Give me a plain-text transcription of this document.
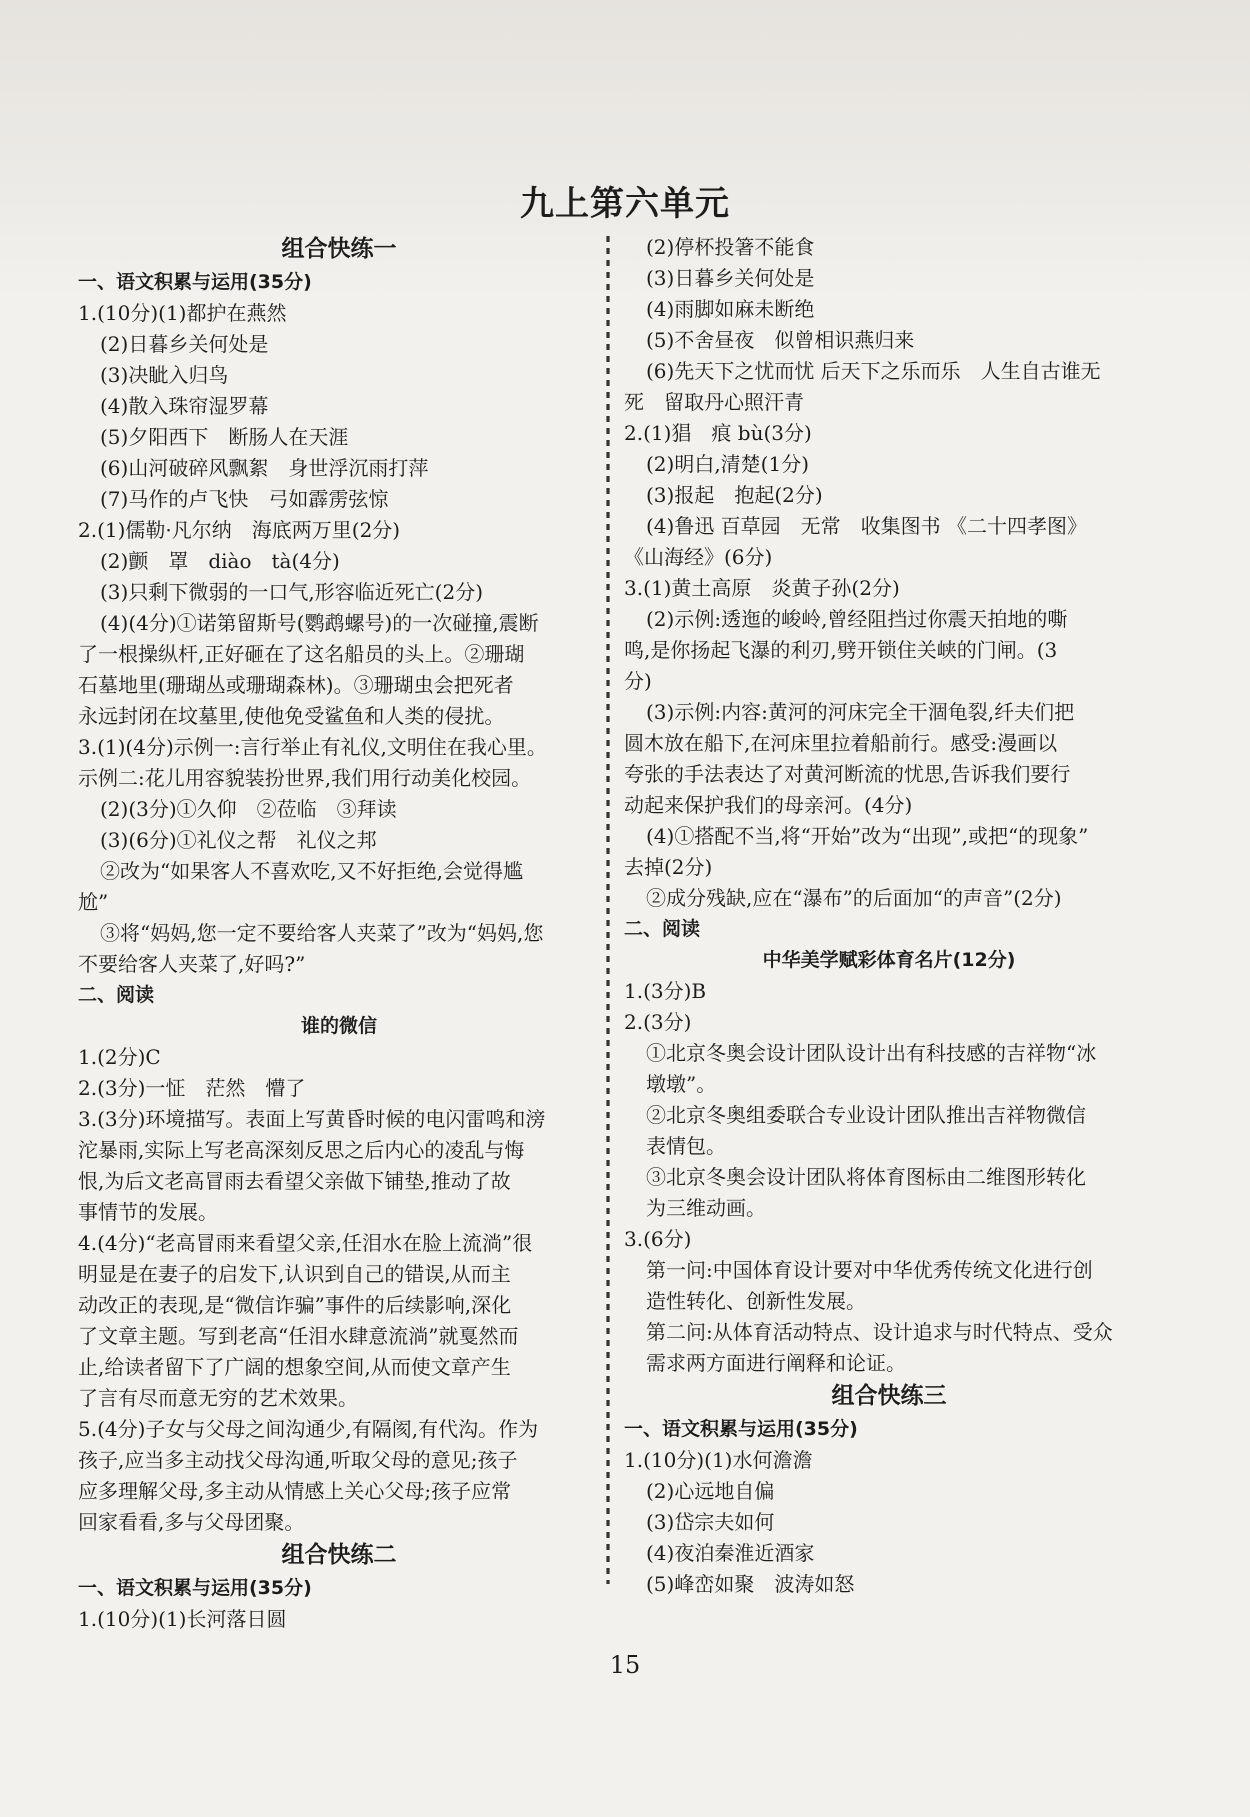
九上第六单元
组合快练一
一、语文积累与运用(35分)
1.(10分)(1)都护在燕然
(2)日暮乡关何处是
(3)决眦入归鸟
(4)散入珠帘湿罗幕
(5)夕阳西下　断肠人在天涯
(6)山河破碎风飘絮　身世浮沉雨打萍
(7)马作的卢飞快　弓如霹雳弦惊
2.(1)儒勒·凡尔纳　海底两万里(2分)
(2)颤　罩　diào　tà(4分)
(3)只剩下微弱的一口气,形容临近死亡(2分)
(4)(4分)①诺第留斯号(鹦鹉螺号)的一次碰撞,震断
了一根操纵杆,正好砸在了这名船员的头上。②珊瑚
石墓地里(珊瑚丛或珊瑚森林)。③珊瑚虫会把死者
永远封闭在坟墓里,使他免受鲨鱼和人类的侵扰。
3.(1)(4分)示例一:言行举止有礼仪,文明住在我心里。
示例二:花儿用容貌装扮世界,我们用行动美化校园。
(2)(3分)①久仰　②莅临　③拜读
(3)(6分)①礼仪之帮　礼仪之邦
②改为“如果客人不喜欢吃,又不好拒绝,会觉得尴
尬”
③将“妈妈,您一定不要给客人夹菜了”改为“妈妈,您
不要给客人夹菜了,好吗?”
二、阅读
谁的微信
1.(2分)C
2.(3分)一怔　茫然　懵了
3.(3分)环境描写。表面上写黄昏时候的电闪雷鸣和滂
沱暴雨,实际上写老高深刻反思之后内心的凌乱与悔
恨,为后文老高冒雨去看望父亲做下铺垫,推动了故
事情节的发展。
4.(4分)“老高冒雨来看望父亲,任泪水在脸上流淌”很
明显是在妻子的启发下,认识到自己的错误,从而主
动改正的表现,是“微信诈骗”事件的后续影响,深化
了文章主题。写到老高“任泪水肆意流淌”就戛然而
止,给读者留下了广阔的想象空间,从而使文章产生
了言有尽而意无穷的艺术效果。
5.(4分)子女与父母之间沟通少,有隔阂,有代沟。作为
孩子,应当多主动找父母沟通,听取父母的意见;孩子
应多理解父母,多主动从情感上关心父母;孩子应常
回家看看,多与父母团聚。
组合快练二
一、语文积累与运用(35分)
1.(10分)(1)长河落日圆
(2)停杯投箸不能食
(3)日暮乡关何处是
(4)雨脚如麻未断绝
(5)不舍昼夜　似曾相识燕归来
(6)先天下之忧而忧 后天下之乐而乐　人生自古谁无
死　留取丹心照汗青
2.(1)猖　痕 bù(3分)
(2)明白,清楚(1分)
(3)报起　抱起(2分)
(4)鲁迅 百草园　无常　收集图书 《二十四孝图》
《山海经》(6分)
3.(1)黄土高原　炎黄子孙(2分)
(2)示例:透迤的峻岭,曾经阻挡过你震天拍地的嘶
鸣,是你扬起飞瀑的利刃,劈开锁住关峡的门闸。(3
分)
(3)示例:内容:黄河的河床完全干涸龟裂,纤夫们把
圆木放在船下,在河床里拉着船前行。感受:漫画以
夸张的手法表达了对黄河断流的忧思,告诉我们要行
动起来保护我们的母亲河。(4分)
(4)①搭配不当,将“开始”改为“出现”,或把“的现象”
去掉(2分)
②成分残缺,应在“瀑布”的后面加“的声音”(2分)
二、阅读
中华美学赋彩体育名片(12分)
1.(3分)B
2.(3分)
①北京冬奥会设计团队设计出有科技感的吉祥物“冰
墩墩”。
②北京冬奥组委联合专业设计团队推出吉祥物微信
表情包。
③北京冬奥会设计团队将体育图标由二维图形转化
为三维动画。
3.(6分)
第一问:中国体育设计要对中华优秀传统文化进行创
造性转化、创新性发展。
第二问:从体育活动特点、设计追求与时代特点、受众
需求两方面进行阐释和论证。
组合快练三
一、语文积累与运用(35分)
1.(10分)(1)水何澹澹
(2)心远地自偏
(3)岱宗夫如何
(4)夜泊秦淮近酒家
(5)峰峦如聚　波涛如怒
15
